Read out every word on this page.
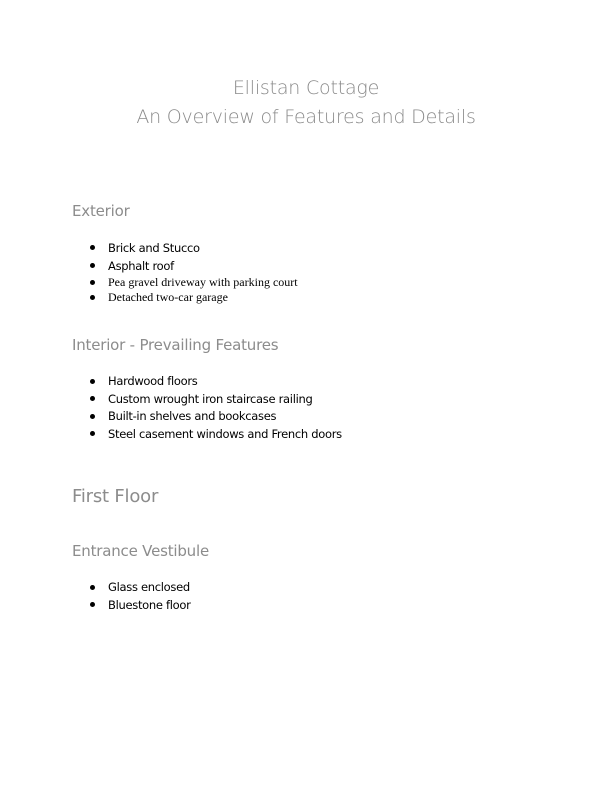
Ellistan Cottage
An Overview of Features and Details
Exterior
Brick and Stucco
Asphalt roof
Pea gravel driveway with parking court
Detached two-car garage
Interior - Prevailing Features
Hardwood floors
Custom wrought iron staircase railing
Built-in shelves and bookcases
Steel casement windows and French doors
First Floor
Entrance Vestibule
Glass enclosed
Bluestone floor
